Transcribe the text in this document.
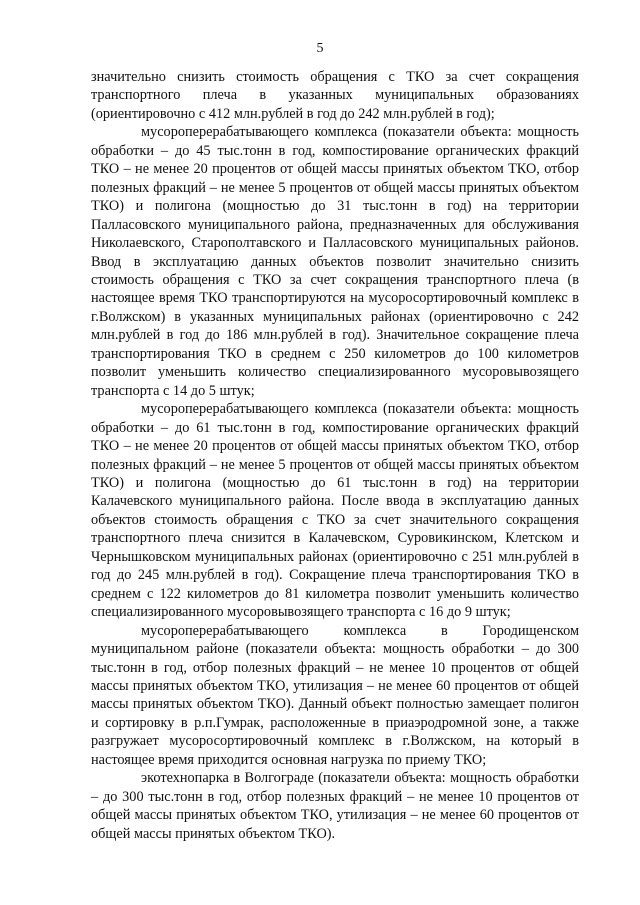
5

значительно снизить стоимость обращения с ТКО за счет сокращения транспортного плеча в указанных муниципальных образованиях (ориентировочно с 412 млн.рублей в год до 242 млн.рублей в год);

мусороперерабатывающего комплекса (показатели объекта: мощность обработки – до 45 тыс.тонн в год, компостирование органических фракций ТКО – не менее 20 процентов от общей массы принятых объектом ТКО, отбор полезных фракций – не менее 5 процентов от общей массы принятых объектом ТКО) и полигона (мощностью до 31 тыс.тонн в год) на территории Палласовского муниципального района, предназначенных для обслуживания Николаевского, Старополтавского и Палласовского муниципальных районов. Ввод в эксплуатацию данных объектов позволит значительно снизить стоимость обращения с ТКО за счет сокращения транспортного плеча (в настоящее время ТКО транспортируются на мусоросортировочный комплекс в г.Волжском) в указанных муниципальных районах (ориентировочно с 242 млн.рублей в год до 186 млн.рублей в год). Значительное сокращение плеча транспортирования ТКО в среднем с 250 километров до 100 километров позволит уменьшить количество специализированного мусоровывозящего транспорта с 14 до 5 штук;

мусороперерабатывающего комплекса (показатели объекта: мощность обработки – до 61 тыс.тонн в год, компостирование органических фракций ТКО – не менее 20 процентов от общей массы принятых объектом ТКО, отбор полезных фракций – не менее 5 процентов от общей массы принятых объектом ТКО) и полигона (мощностью до 61 тыс.тонн в год) на территории Калачевского муниципального района. После ввода в эксплуатацию данных объектов стоимость обращения с ТКО за счет значительного сокращения транспортного плеча снизится в Калачевском, Суровикинском, Клетском и Чернышковском муниципальных районах (ориентировочно с 251 млн.рублей в год до 245 млн.рублей в год). Сокращение плеча транспортирования ТКО в среднем с 122 километров до 81 километра позволит уменьшить количество специализированного мусоровывозящего транспорта с 16 до 9 штук;

мусороперерабатывающего комплекса в Городищенском муниципальном районе (показатели объекта: мощность обработки – до 300 тыс.тонн в год, отбор полезных фракций – не менее 10 процентов от общей массы принятых объектом ТКО, утилизация – не менее 60 процентов от общей массы принятых объектом ТКО). Данный объект полностью замещает полигон и сортировку в р.п.Гумрак, расположенные в приаэродромной зоне, а также разгружает мусоросортировочный комплекс в г.Волжском, на который в настоящее время приходится основная нагрузка по приему ТКО;

экотехнопарка в Волгограде (показатели объекта: мощность обработки – до 300 тыс.тонн в год, отбор полезных фракций – не менее 10 процентов от общей массы принятых объектом ТКО, утилизация – не менее 60 процентов от общей массы принятых объектом ТКО).
